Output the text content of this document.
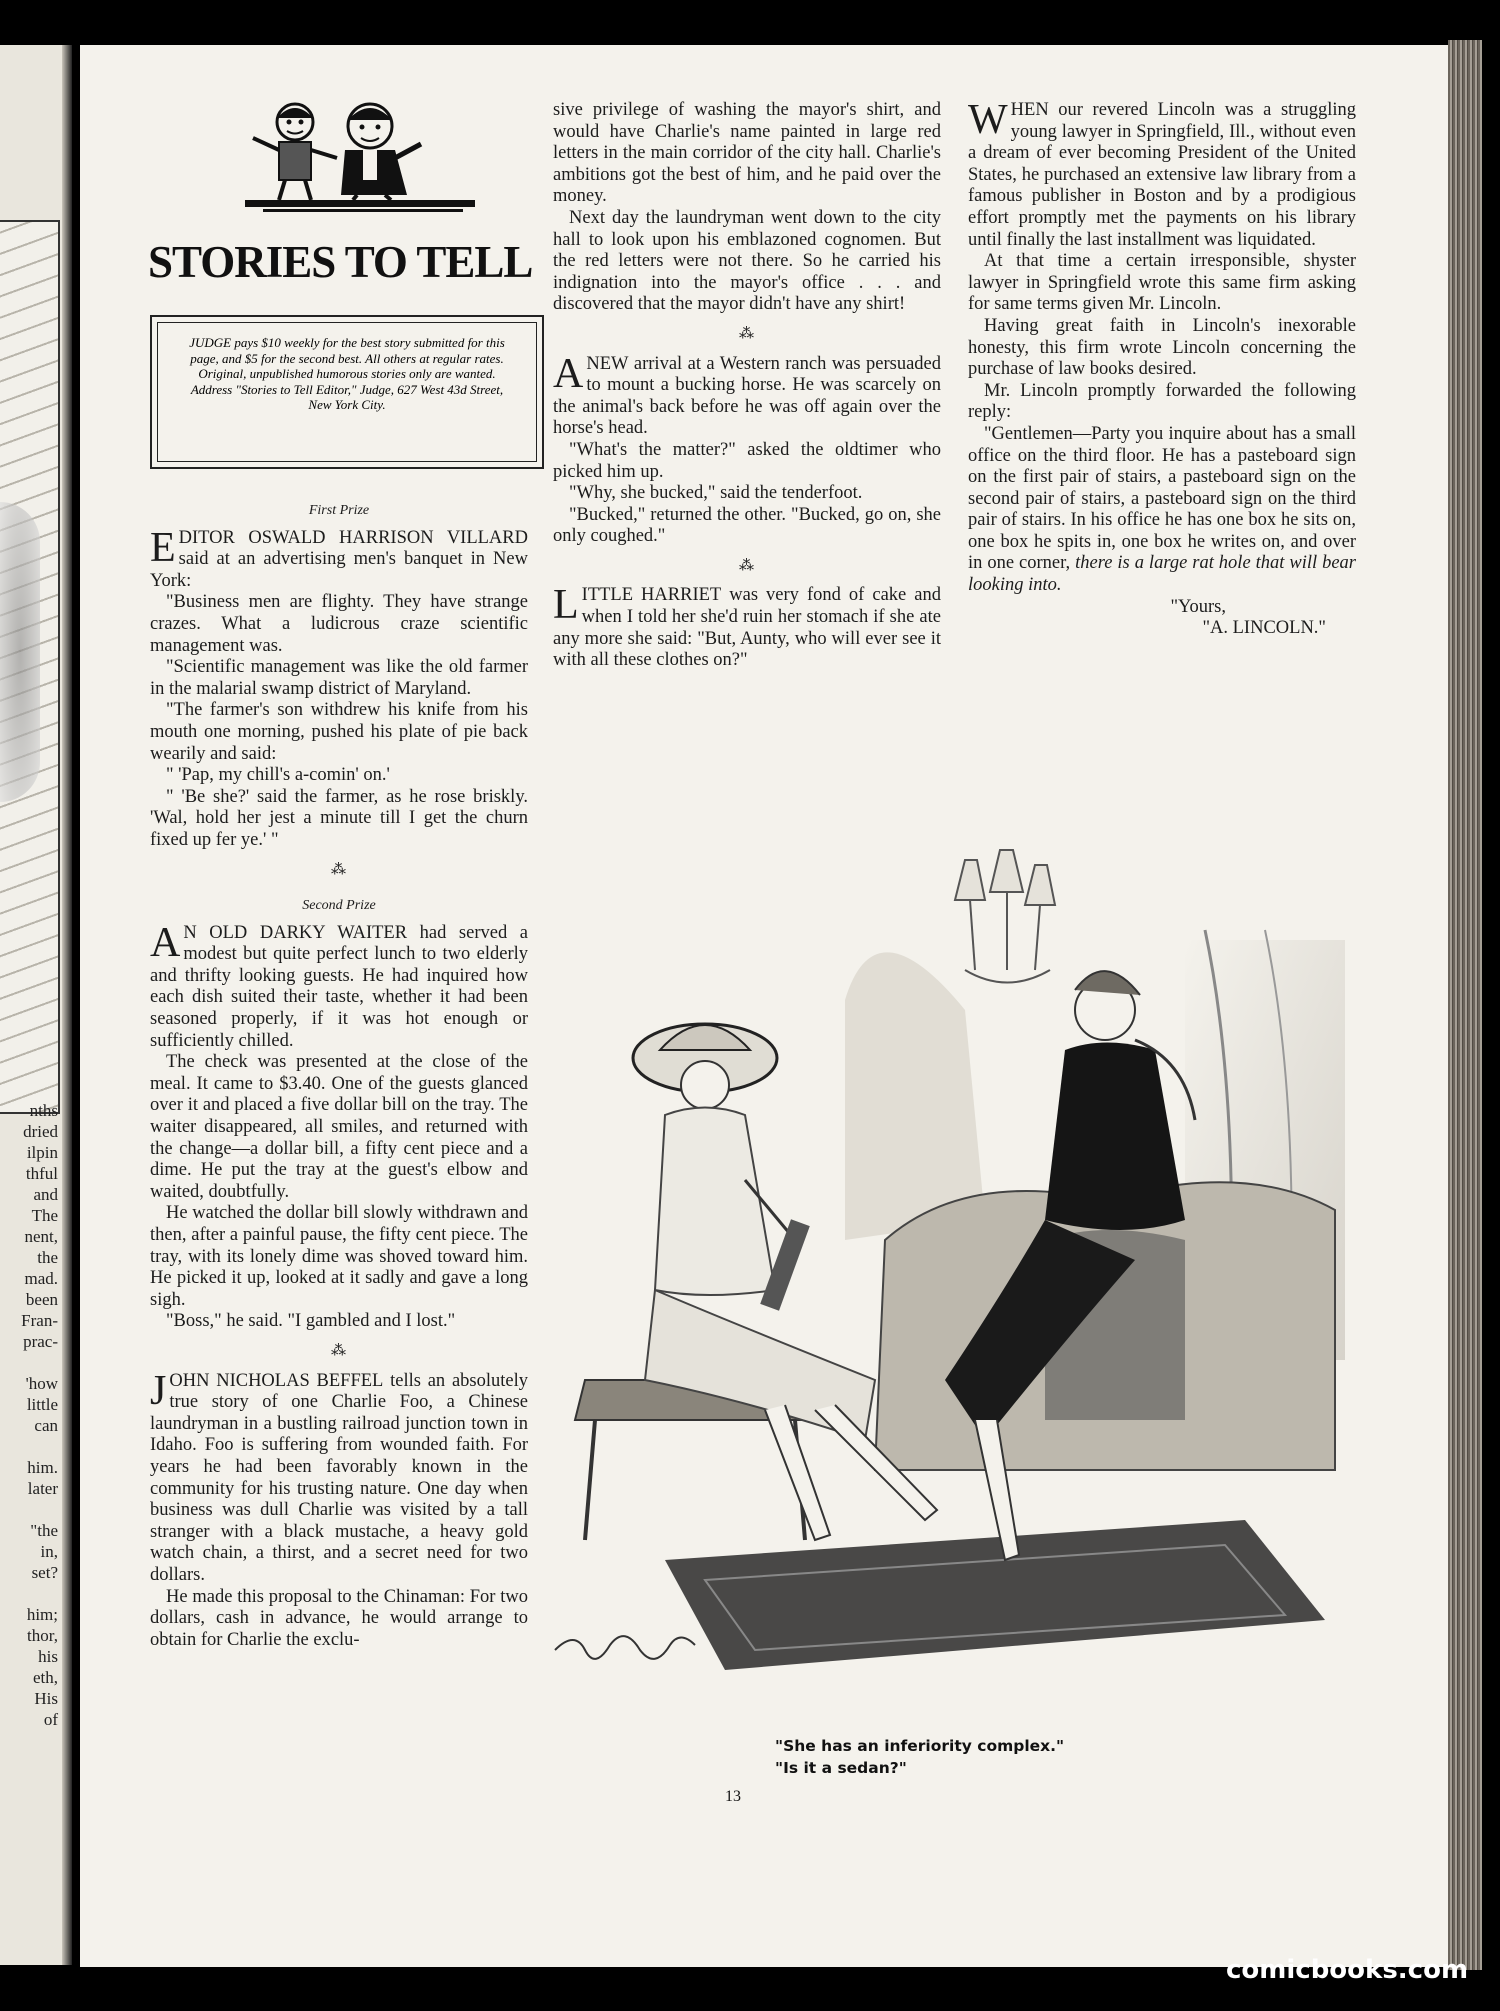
nths
dried
ilpin
thful
and
The
nent,
the
mad.
been
Fran-
prac-
'how
little
can
him.
later
"the
in,
set?
him;
thor,
his
eth,
His
of
STORIES TO TELL
JUDGE pays $10 weekly for the best story submitted for this page, and $5 for the second best. All others at regular rates. Original, unpublished humorous stories only are wanted. Address "Stories to Tell Editor," Judge, 627 West 43d Street, New York City.
First Prize

EDITOR OSWALD HARRISON VILLARD said at an advertising men's banquet in New York:

"Business men are flighty. They have strange crazes. What a ludicrous craze scientific management was.

"Scientific management was like the old farmer in the malarial swamp district of Maryland.

"The farmer's son withdrew his knife from his mouth one morning, pushed his plate of pie back wearily and said:

" 'Pap, my chill's a-comin' on.'

" 'Be she?' said the farmer, as he rose briskly. 'Wal, hold her jest a minute till I get the churn fixed up fer ye.' "

⁂
Second Prize

A N OLD DARKY WAITER had served a modest but quite perfect lunch to two elderly and thrifty looking guests. He had inquired how each dish suited their taste, whether it had been seasoned properly, if it was hot enough or sufficiently chilled.

The check was presented at the close of the meal. It came to $3.40. One of the guests glanced over it and placed a five dollar bill on the tray. The waiter disappeared, all smiles, and returned with the change—a dollar bill, a fifty cent piece and a dime. He put the tray at the guest's elbow and waited, doubtfully.

He watched the dollar bill slowly withdrawn and then, after a painful pause, the fifty cent piece. The tray, with its lonely dime was shoved toward him. He picked it up, looked at it sadly and gave a long sigh.

"Boss," he said. "I gambled and I lost."

⁂

JOHN NICHOLAS BEFFEL tells an absolutely true story of one Charlie Foo, a Chinese laundryman in a bustling railroad junction town in Idaho. Foo is suffering from wounded faith. For years he had been favorably known in the community for his trusting nature. One day when business was dull Charlie was visited by a tall stranger with a black mustache, a heavy gold watch chain, a thirst, and a secret need for two dollars.

He made this proposal to the Chinaman: For two dollars, cash in advance, he would arrange to obtain for Charlie the exclu-

sive privilege of washing the mayor's shirt, and would have Charlie's name painted in large red letters in the main corridor of the city hall. Charlie's ambitions got the best of him, and he paid over the money.

Next day the laundryman went down to the city hall to look upon his emblazoned cognomen. But the red letters were not there. So he carried his indignation into the mayor's office . . . and discovered that the mayor didn't have any shirt!

⁂

ANEW arrival at a Western ranch was persuaded to mount a bucking horse. He was scarcely on the animal's back before he was off again over the horse's head.

"What's the matter?" asked the oldtimer who picked him up.

"Why, she bucked," said the tenderfoot.

"Bucked," returned the other. "Bucked, go on, she only coughed."

⁂

LITTLE HARRIET was very fond of cake and when I told her she'd ruin her stomach if she ate any more she said: "But, Aunty, who will ever see it with all these clothes on?"

WHEN our revered Lincoln was a struggling young lawyer in Springfield, Ill., without even a dream of ever becoming President of the United States, he purchased an extensive law library from a famous publisher in Boston and by a prodigious effort promptly met the payments on his library until finally the last installment was liquidated.

At that time a certain irresponsible, shyster lawyer in Springfield wrote this same firm asking for same terms given Mr. Lincoln.

Having great faith in Lincoln's inexorable honesty, this firm wrote Lincoln concerning the purchase of law books desired.

Mr. Lincoln promptly forwarded the following reply:

"Gentlemen—Party you inquire about has a small office on the third floor. He has a pasteboard sign on the first pair of stairs, a pasteboard sign on the second pair of stairs, a pasteboard sign on the third pair of stairs. In his office he has one box he sits on, one box he spits in, one box he writes on, and over in one corner, there is a large rat hole that will bear looking into.

"Yours,

"A. LINCOLN."

"She has an inferiority complex."
"Is it a sedan?"
13
comicbooks.com
